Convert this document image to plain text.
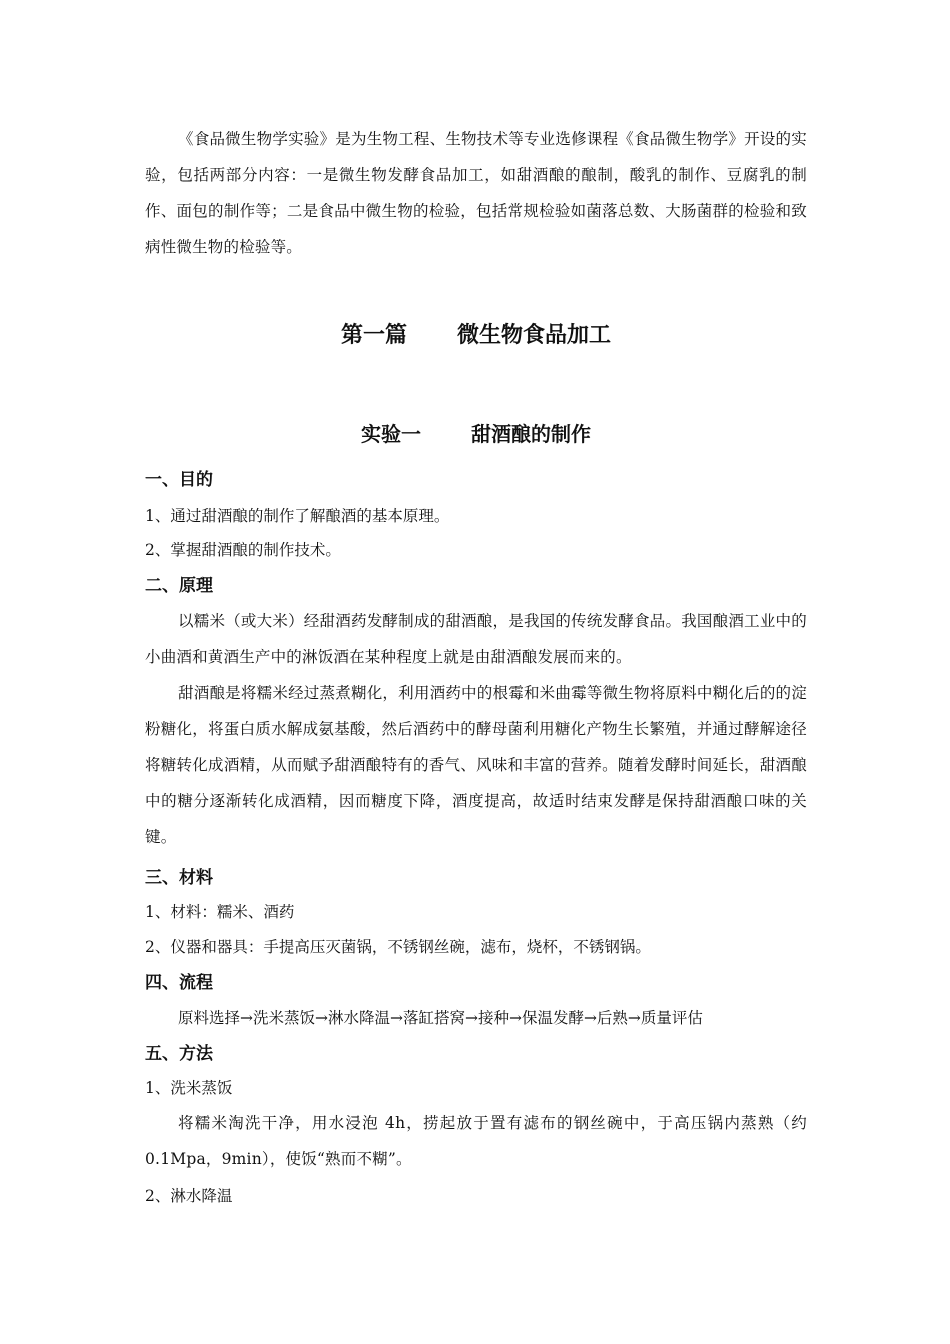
《食品微生物学实验》是为生物工程、生物技术等专业选修课程《食品微生物学》开设的实验，包括两部分内容：一是微生物发酵食品加工，如甜酒酿的酿制，酸乳的制作、豆腐乳的制作、面包的制作等；二是食品中微生物的检验，包括常规检验如菌落总数、大肠菌群的检验和致病性微生物的检验等。
第一篇 微生物食品加工
实验一	甜酒酿的制作
一、目的
1、通过甜酒酿的制作了解酿酒的基本原理。
2、掌握甜酒酿的制作技术。
二、原理
以糯米（或大米）经甜酒药发酵制成的甜酒酿，是我国的传统发酵食品。我国酿酒工业中的小曲酒和黄酒生产中的淋饭酒在某种程度上就是由甜酒酿发展而来的。
甜酒酿是将糯米经过蒸煮糊化，利用酒药中的根霉和米曲霉等微生物将原料中糊化后的的淀粉糖化，将蛋白质水解成氨基酸，然后酒药中的酵母菌利用糖化产物生长繁殖，并通过酵解途径将糖转化成酒精，从而赋予甜酒酿特有的香气、风味和丰富的营养。随着发酵时间延长，甜酒酿中的糖分逐渐转化成酒精，因而糖度下降，酒度提高，故适时结束发酵是保持甜酒酿口味的关键。
三、材料
1、材料：糯米、酒药
2、仪器和器具：手提高压灭菌锅，不锈钢丝碗，滤布，烧杯，不锈钢锅。
四、流程
原料选择→洗米蒸饭→淋水降温→落缸搭窝→接种→保温发酵→后熟→质量评估
五、方法
1、洗米蒸饭
将糯米淘洗干净，用水浸泡 4h，捞起放于置有滤布的钢丝碗中，于高压锅内蒸熟（约 0.1Mpa，9min），使饭“熟而不糊”。
2、淋水降温
